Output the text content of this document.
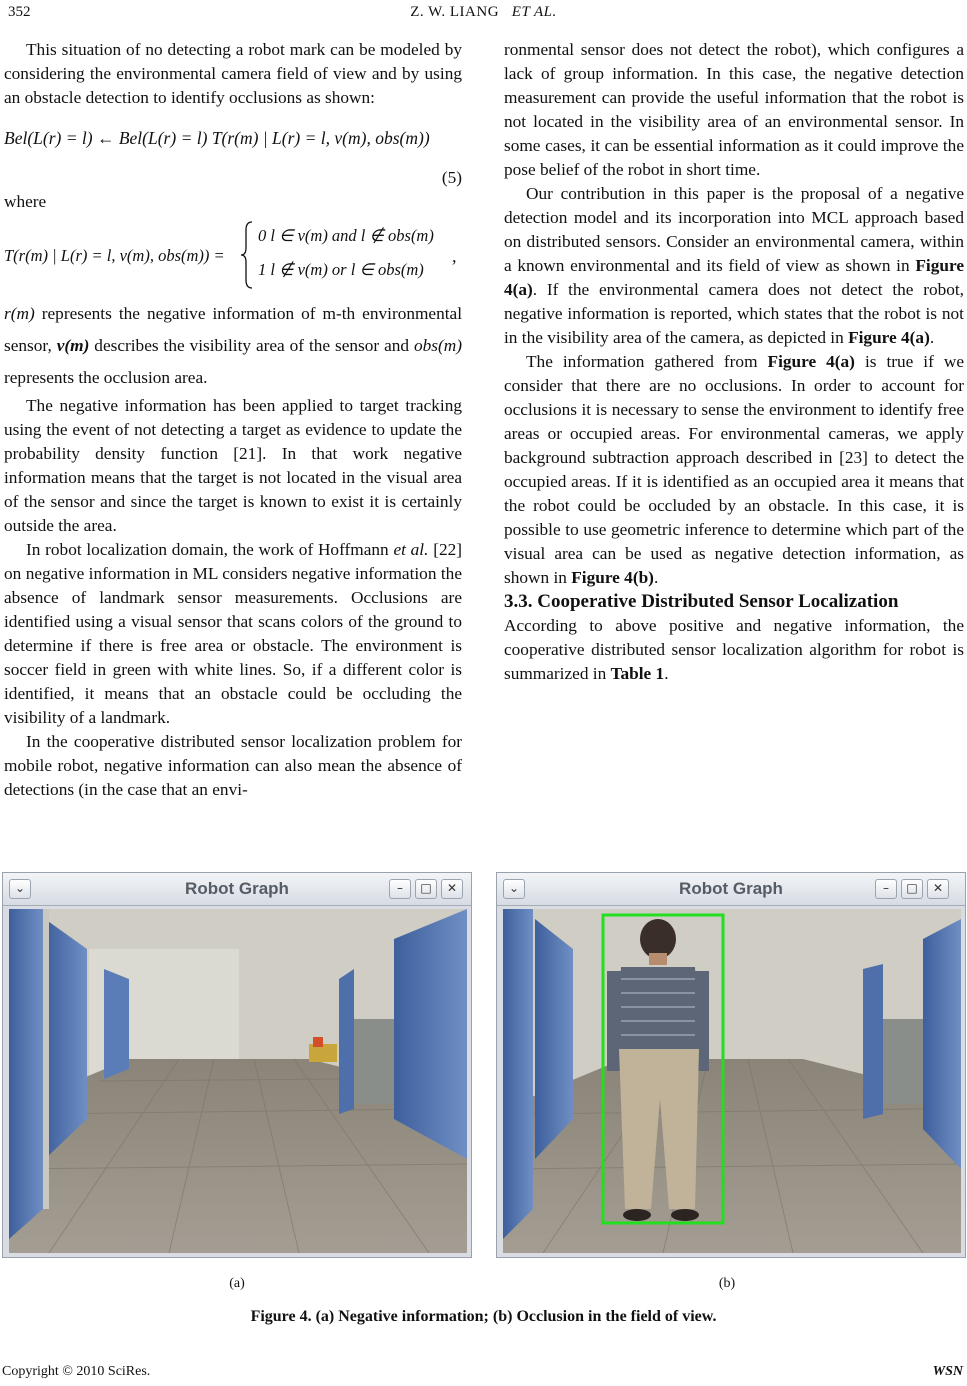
352	Z. W. LIANG ET AL.

This situation of no detecting a robot mark can be modeled by considering the environmental camera field of view and by using an obstacle detection to identify occlusions as shown:

Bel(L(r) = l) ← Bel(L(r) = l) T(r(m) | L(r) = l, v(m), obs(m))
(5)

where

T(r(m) | L(r) = l, v(m), obs(m)) =
0 l ∈ v(m) and l ∉ obs(m)
1 l ∉ v(m) or l ∈ obs(m)
,

r(m) represents the negative information of m-th environmental sensor, v(m) describes the visibility area of the sensor and obs(m) represents the occlusion area.

The negative information has been applied to target tracking using the event of not detecting a target as evidence to update the probability density function [21]. In that work negative information means that the target is not located in the visual area of the sensor and since the target is known to exist it is certainly outside the area.

In robot localization domain, the work of Hoffmann et al. [22] on negative information in ML considers negative information the absence of landmark sensor measurements. Occlusions are identified using a visual sensor that scans colors of the ground to determine if there is free area or obstacle. The environment is soccer field in green with white lines. So, if a different color is identified, it means that an obstacle could be occluding the visibility of a landmark.

In the cooperative distributed sensor localization problem for mobile robot, negative information can also mean the absence of detections (in the case that an envi-

ronmental sensor does not detect the robot), which configures a lack of group information. In this case, the negative detection measurement can provide the useful information that the robot is not located in the visibility area of an environmental sensor. In some cases, it can be essential information as it could improve the pose belief of the robot in short time.

Our contribution in this paper is the proposal of a negative detection model and its incorporation into MCL approach based on distributed sensors. Consider an environmental camera, within a known environmental and its field of view as shown in Figure 4(a). If the environmental camera does not detect the robot, negative information is reported, which states that the robot is not in the visibility area of the camera, as depicted in Figure 4(a).

The information gathered from Figure 4(a) is true if we consider that there are no occlusions. In order to account for occlusions it is necessary to sense the environment to identify free areas or occupied areas. For environmental cameras, we apply background subtraction approach described in [23] to detect the occupied areas. If it is identified as an occupied area it means that the robot could be occluded by an obstacle. In this case, it is possible to use geometric inference to determine which part of the visual area can be used as negative detection information, as shown in Figure 4(b).

3.3. Cooperative Distributed Sensor Localization

According to above positive and negative information, the cooperative distributed sensor localization algorithm for robot is summarized in Table 1.

⌄	Robot Graph	–	□	✕	⌄	Robot Graph	–	□	✕
(a)	(b)
Figure 4. (a) Negative information; (b) Occlusion in the field of view.
Copyright © 2010 SciRes.	WSN
